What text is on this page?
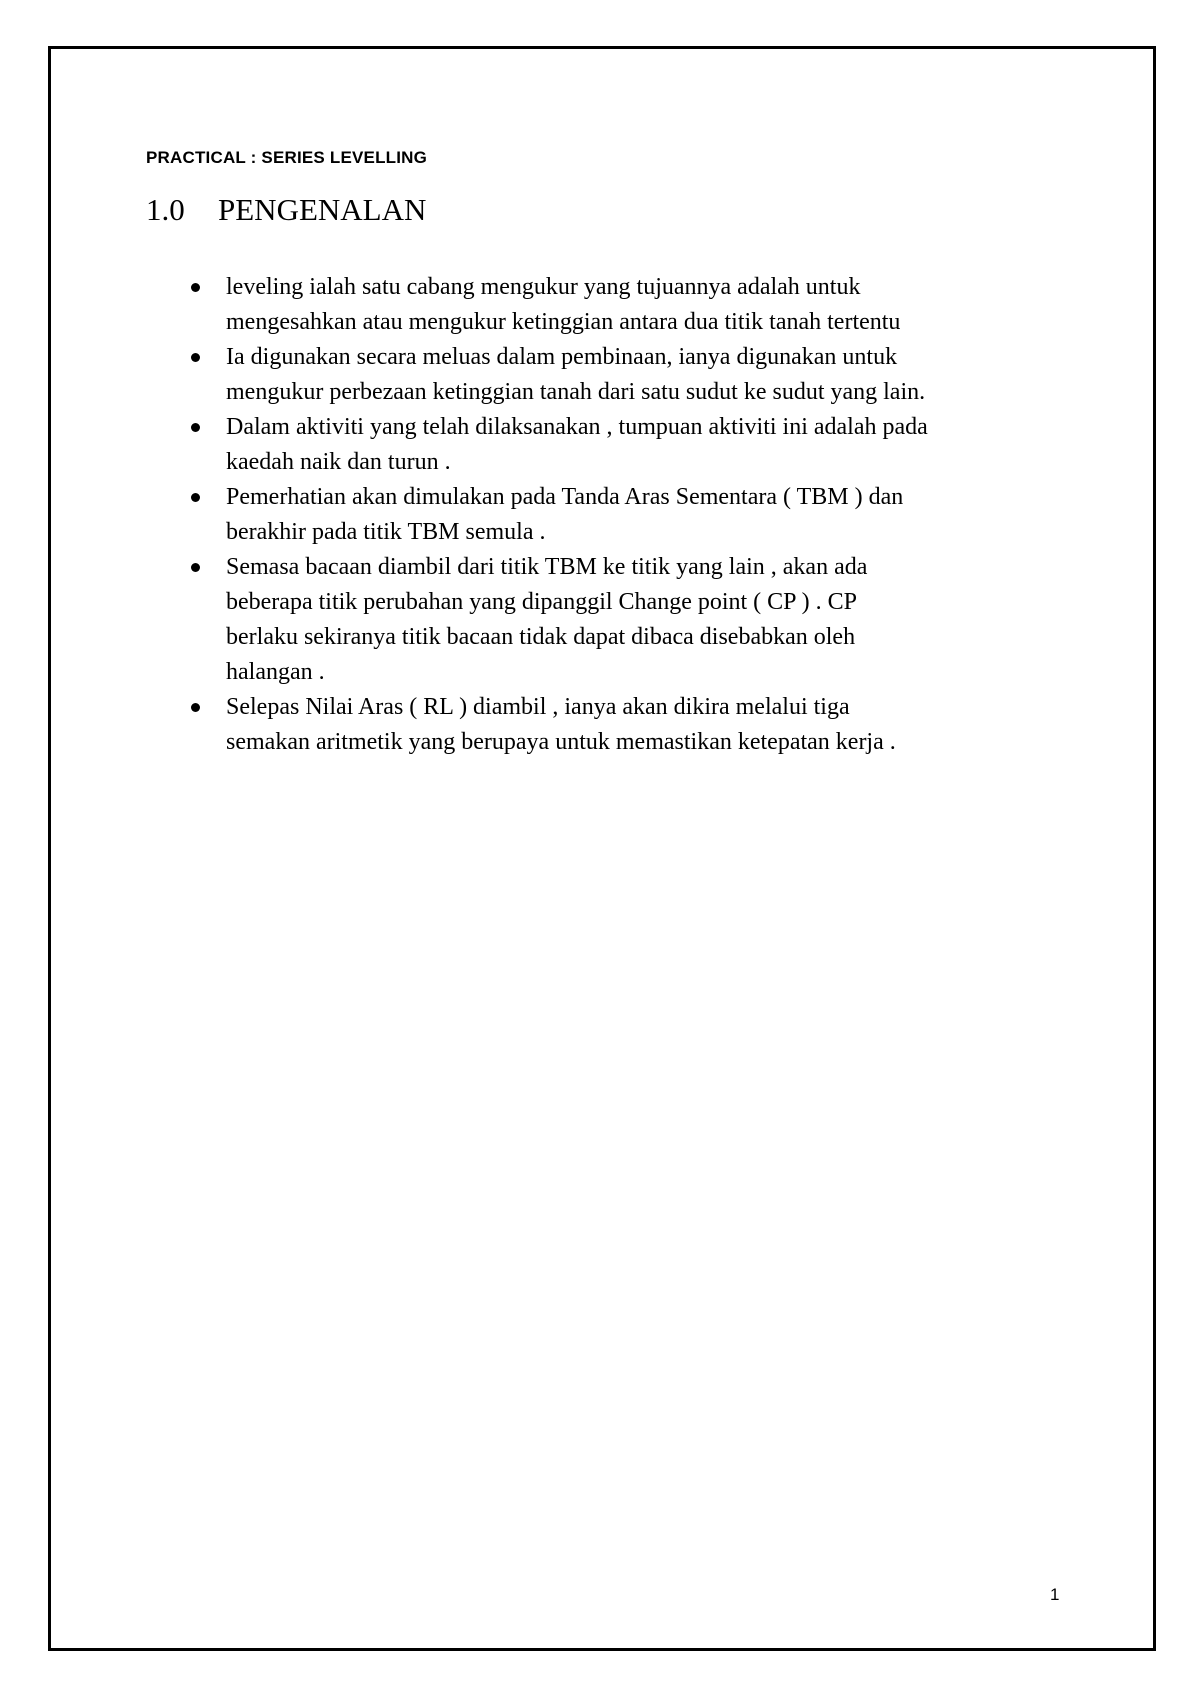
PRACTICAL : SERIES LEVELLING
1.0	PENGENALAN
leveling ialah satu cabang mengukur yang tujuannya adalah untuk
mengesahkan atau mengukur ketinggian antara dua titik tanah tertentu
Ia digunakan secara meluas dalam pembinaan, ianya digunakan untuk
mengukur perbezaan ketinggian tanah dari satu sudut ke sudut yang lain.
Dalam aktiviti yang telah dilaksanakan , tumpuan aktiviti ini adalah pada
kaedah naik dan turun .
Pemerhatian akan dimulakan pada Tanda Aras Sementara ( TBM ) dan
berakhir pada titik TBM semula .
Semasa bacaan diambil dari titik TBM ke titik yang lain , akan ada
beberapa titik perubahan yang dipanggil Change point ( CP ) . CP
berlaku sekiranya titik bacaan tidak dapat dibaca disebabkan oleh
halangan .
Selepas Nilai Aras ( RL ) diambil , ianya akan dikira melalui tiga
semakan aritmetik yang berupaya untuk memastikan ketepatan kerja .
1
